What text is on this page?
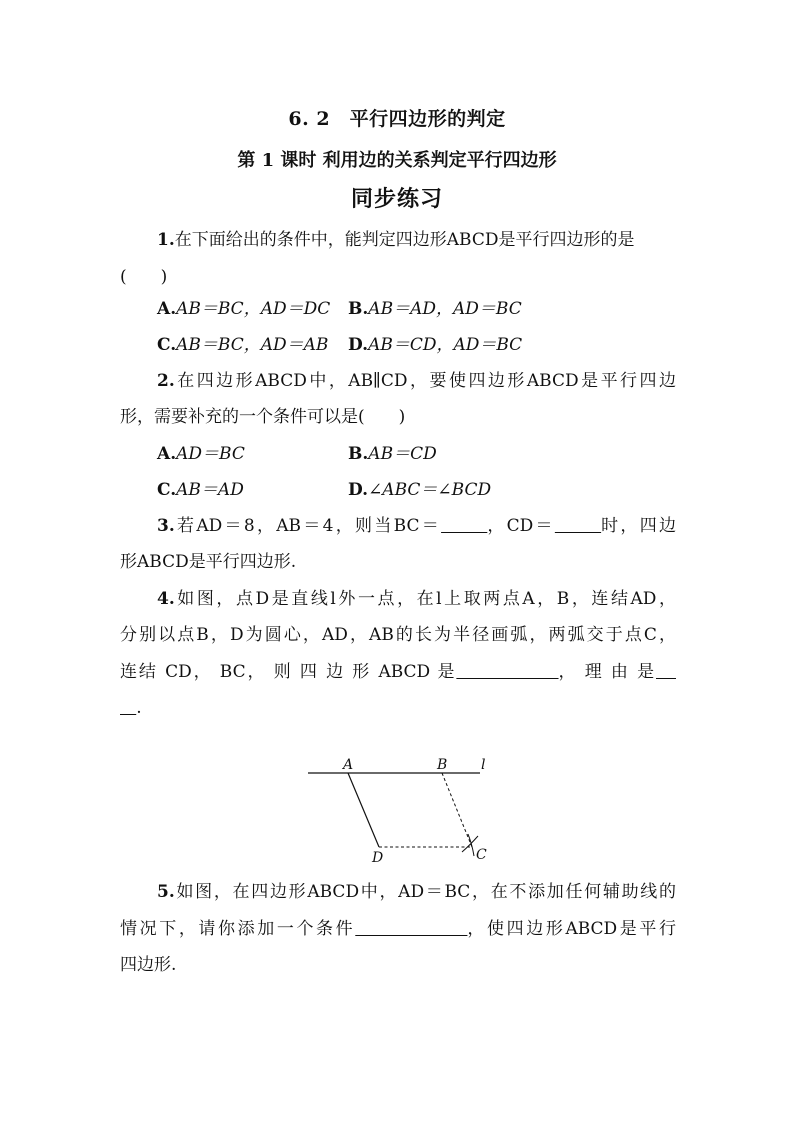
6. 2　平行四边形的判定
第 1 课时 利用边的关系判定平行四边形
同步练习
1.在下面给出的条件中，能判定四边形ABCD是平行四边形的是
(　　)
A.AB＝BC，AD＝DC B.AB＝AD，AD＝BC
C.AB＝BC，AD＝AB D.AB＝CD，AD＝BC
2.在四边形ABCD中，AB∥CD，要使四边形ABCD是平行四边
形，需要补充的一个条件可以是(　　)
A.AD＝BC	B.AB＝CD
C.AB＝AD	D.∠ABC＝∠BCD
3.若AD＝8，AB＝4，则当BC＝	，CD＝	时，四边
形ABCD是平行四边形.
4.如图，点D是直线l外一点，在l上取两点A，B，连结AD，
分别以点B，D为圆心，AD，AB的长为半径画弧，两弧交于点C，
连结 CD， BC， 则 四 边 形 ABCD 是	， 理 由 是
.
A	B l
D	C
5.如图，在四边形ABCD中，AD＝BC，在不添加任何辅助线的
情况下，请你添加一个条件	，使四边形ABCD是平行
四边形.
